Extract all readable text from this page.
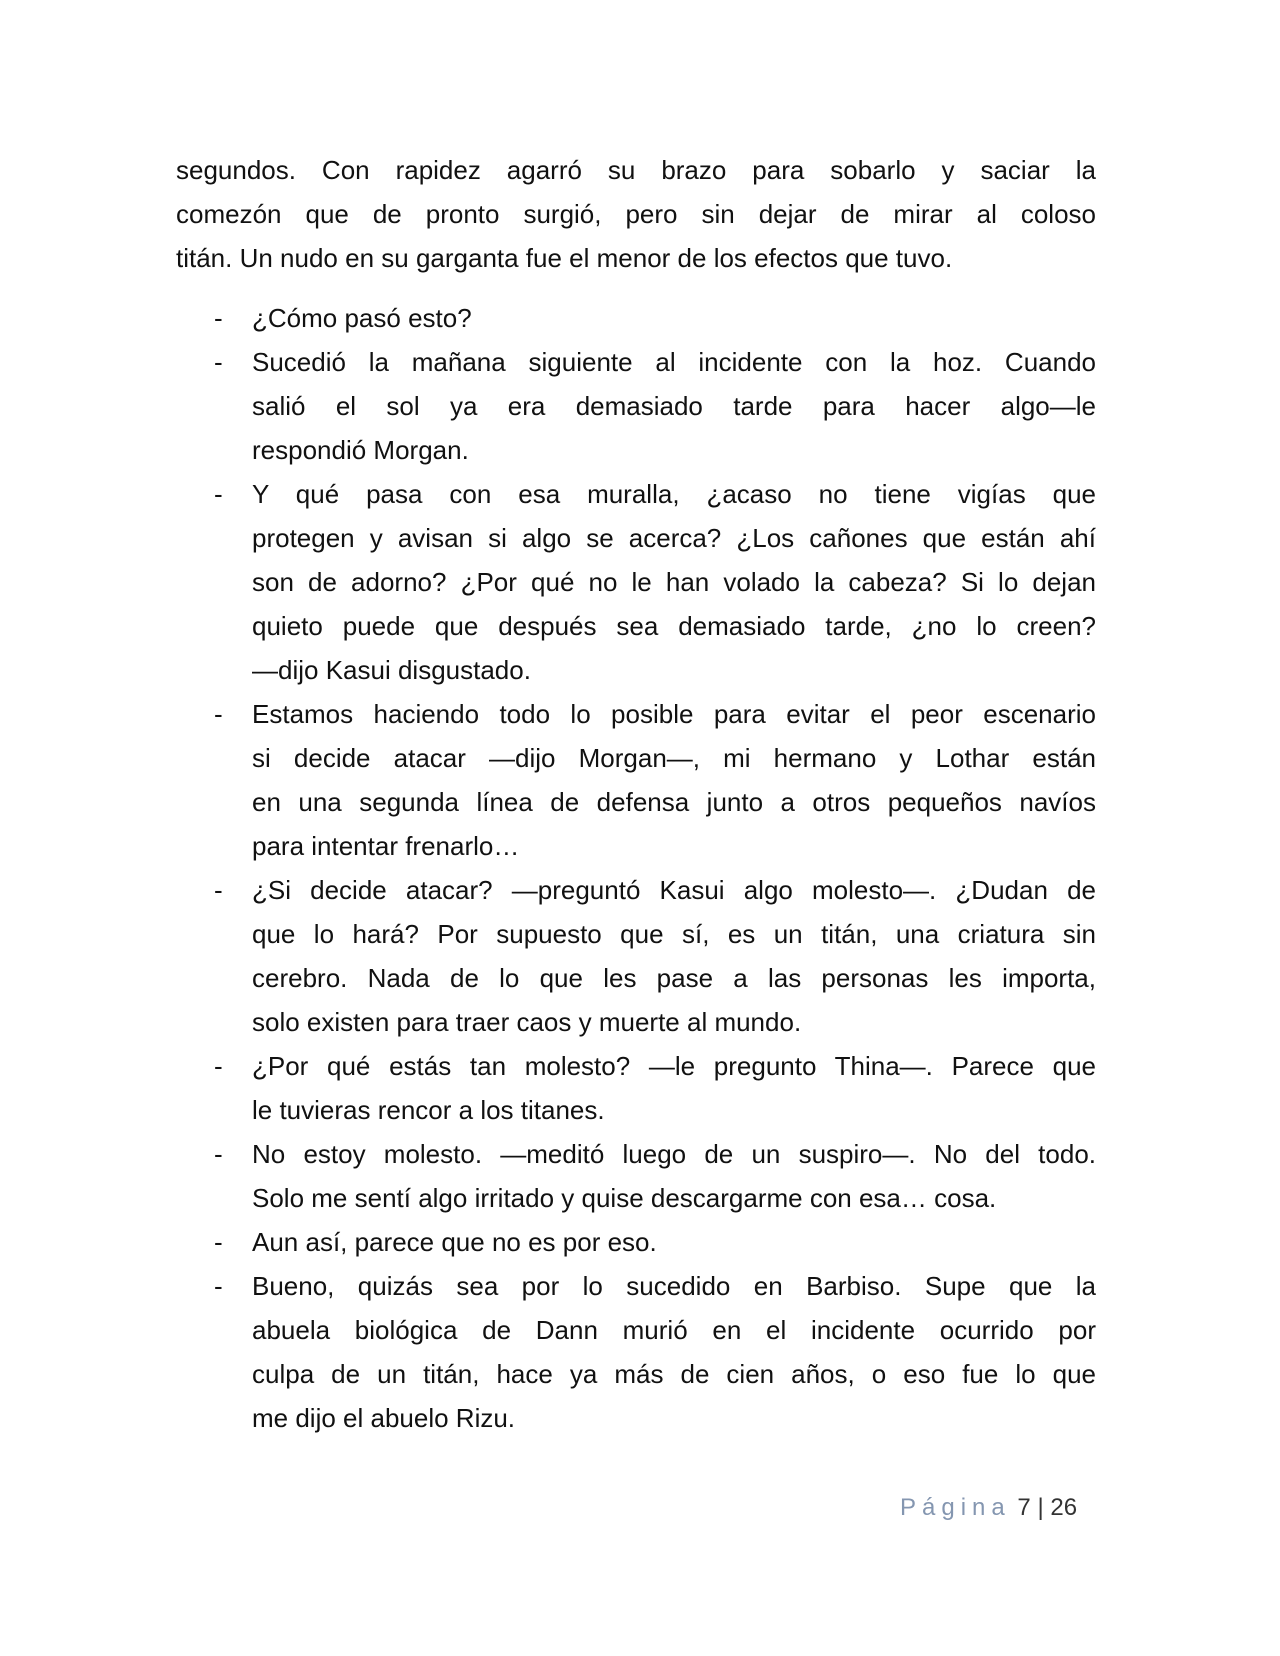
segundos. Con rapidez agarró su brazo para sobarlo y saciar la
comezón que de pronto surgió, pero sin dejar de mirar al coloso
titán. Un nudo en su garganta fue el menor de los efectos que tuvo.
- ¿Cómo pasó esto?
- Sucedió la mañana siguiente al incidente con la hoz. Cuando
salió el sol ya era demasiado tarde para hacer algo—le
respondió Morgan.
- Y qué pasa con esa muralla, ¿acaso no tiene vigías que
protegen y avisan si algo se acerca? ¿Los cañones que están ahí
son de adorno? ¿Por qué no le han volado la cabeza? Si lo dejan
quieto puede que después sea demasiado tarde, ¿no lo creen?
—dijo Kasui disgustado.
- Estamos haciendo todo lo posible para evitar el peor escenario
si decide atacar —dijo Morgan—, mi hermano y Lothar están
en una segunda línea de defensa junto a otros pequeños navíos
para intentar frenarlo…
- ¿Si decide atacar? —preguntó Kasui algo molesto—. ¿Dudan de
que lo hará? Por supuesto que sí, es un titán, una criatura sin
cerebro. Nada de lo que les pase a las personas les importa,
solo existen para traer caos y muerte al mundo.
- ¿Por qué estás tan molesto? —le pregunto Thina—. Parece que
le tuvieras rencor a los titanes.
- No estoy molesto. —meditó luego de un suspiro—. No del todo.
Solo me sentí algo irritado y quise descargarme con esa… cosa.
- Aun así, parece que no es por eso.
- Bueno, quizás sea por lo sucedido en Barbiso. Supe que la
abuela biológica de Dann murió en el incidente ocurrido por
culpa de un titán, hace ya más de cien años, o eso fue lo que
me dijo el abuelo Rizu.
Página 7 | 26
